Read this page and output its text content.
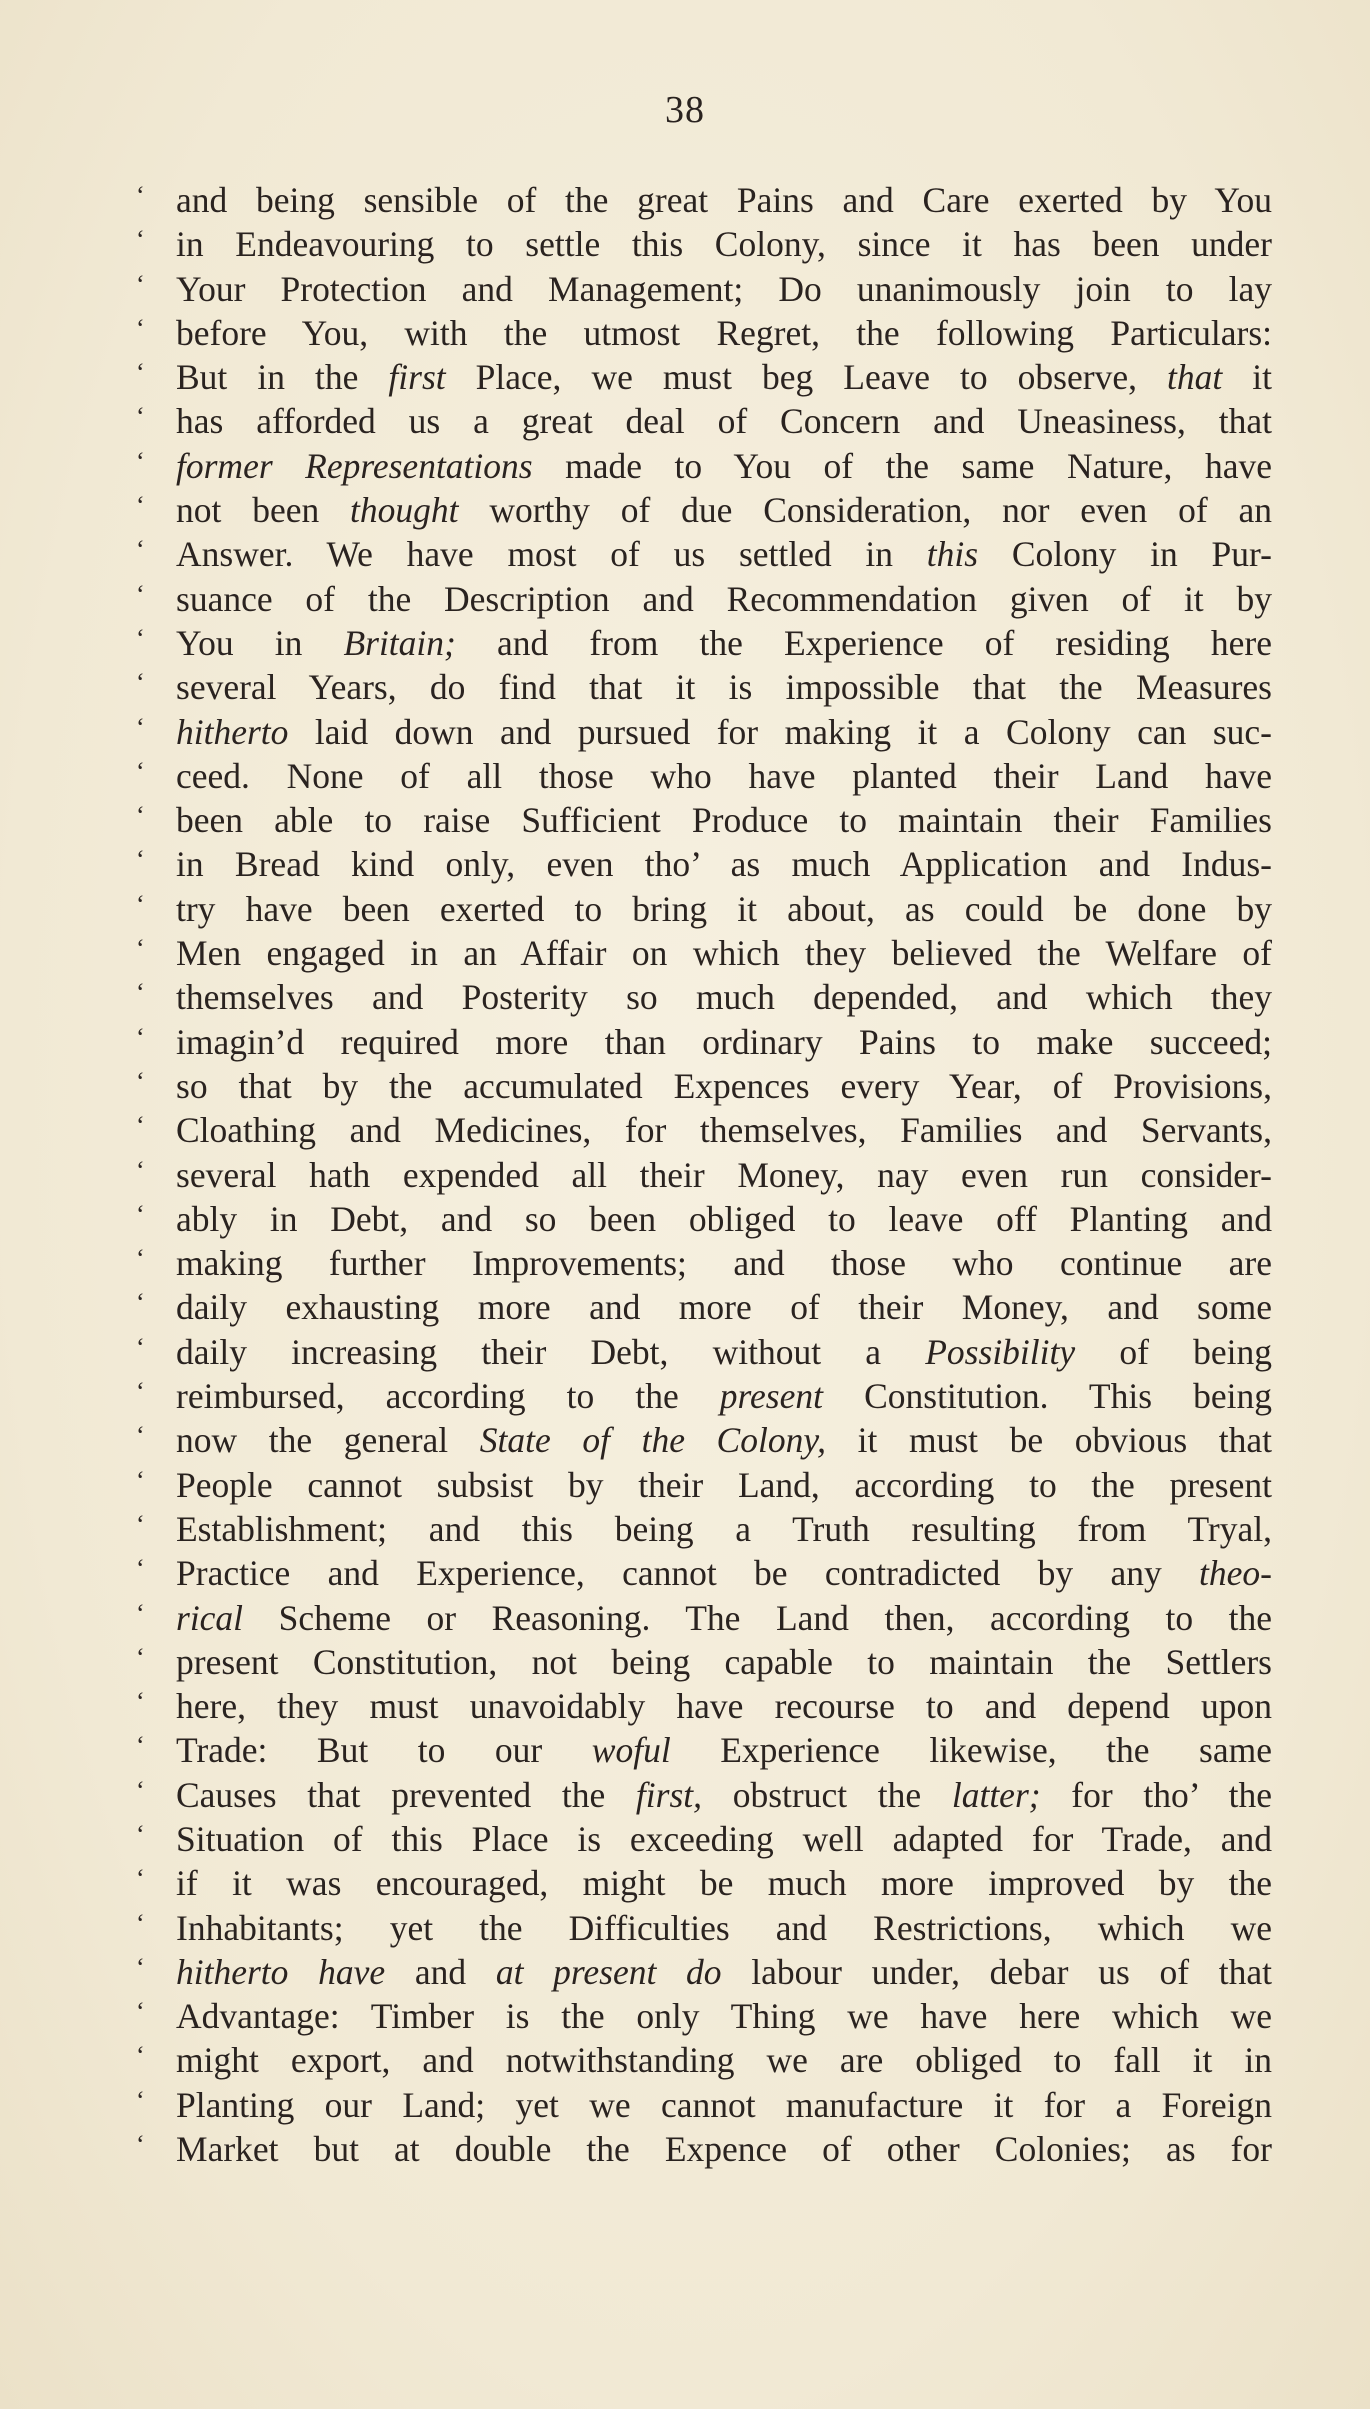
38
‘ and being sensible of the great Pains and Care exerted by You
‘ in Endeavouring to settle this Colony, since it has been under
‘ Your Protection and Management; Do unanimously join to lay
‘ before You, with the utmost Regret, the following Particulars:
‘ But in the first Place, we must beg Leave to observe, that it
‘ has afforded us a great deal of Concern and Uneasiness, that
‘ former Representations made to You of the same Nature, have
‘ not been thought worthy of due Consideration, nor even of an
‘ Answer. We have most of us settled in this Colony in Pur-
‘ suance of the Description and Recommendation given of it by
‘ You in Britain; and from the Experience of residing here
‘ several Years, do find that it is impossible that the Measures
‘ hitherto laid down and pursued for making it a Colony can suc-
‘ ceed. None of all those who have planted their Land have
‘ been able to raise Sufficient Produce to maintain their Families
‘ in Bread kind only, even tho’ as much Application and Indus-
‘ try have been exerted to bring it about, as could be done by
‘ Men engaged in an Affair on which they believed the Welfare of
‘ themselves and Posterity so much depended, and which they
‘ imagin’d required more than ordinary Pains to make succeed;
‘ so that by the accumulated Expences every Year, of Provisions,
‘ Cloathing and Medicines, for themselves, Families and Servants,
‘ several hath expended all their Money, nay even run consider-
‘ ably in Debt, and so been obliged to leave off Planting and
‘ making further Improvements; and those who continue are
‘ daily exhausting more and more of their Money, and some
‘ daily increasing their Debt, without a Possibility of being
‘ reimbursed, according to the present Constitution. This being
‘ now the general State of the Colony, it must be obvious that
‘ People cannot subsist by their Land, according to the present
‘ Establishment; and this being a Truth resulting from Tryal,
‘ Practice and Experience, cannot be contradicted by any theo-
‘ rical Scheme or Reasoning. The Land then, according to the
‘ present Constitution, not being capable to maintain the Settlers
‘ here, they must unavoidably have recourse to and depend upon
‘ Trade: But to our woful Experience likewise, the same
‘ Causes that prevented the first, obstruct the latter; for tho’ the
‘ Situation of this Place is exceeding well adapted for Trade, and
‘ if it was encouraged, might be much more improved by the
‘ Inhabitants; yet the Difficulties and Restrictions, which we
‘ hitherto have and at present do labour under, debar us of that
‘ Advantage: Timber is the only Thing we have here which we
‘ might export, and notwithstanding we are obliged to fall it in
‘ Planting our Land; yet we cannot manufacture it for a Foreign
‘ Market but at double the Expence of other Colonies; as for
